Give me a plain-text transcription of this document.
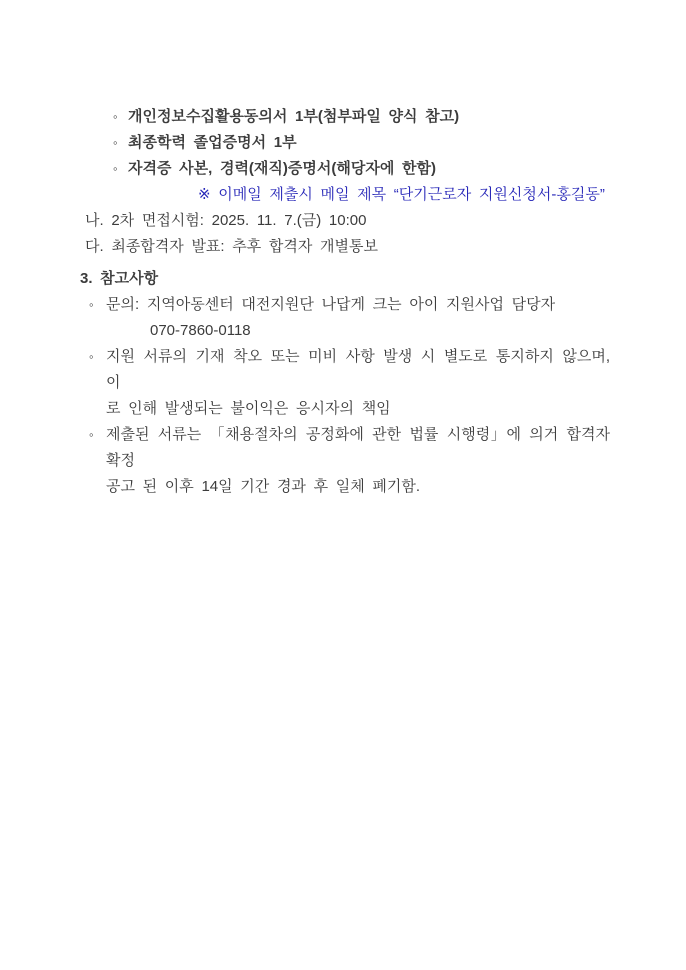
◦ 개인정보수집활용동의서 1부(첨부파일 양식 참고)
◦ 최종학력 졸업증명서 1부
◦ 자격증 사본, 경력(재직)증명서(해당자에 한함)
※ 이메일 제출시 메일 제목 “단기근로자 지원신청서-홍길동”
나. 2차 면접시험: 2025. 11. 7.(금) 10:00
다. 최종합격자 발표: 추후 합격자 개별통보
3. 참고사항
◦ 문의: 지역아동센터 대전지원단 나답게 크는 아이 지원사업 담당자
070-7860-0118
◦ 지원 서류의 기재 착오 또는 미비 사항 발생 시 별도로 통지하지 않으며, 이
로 인해 발생되는 불이익은 응시자의 책임
◦ 제출된 서류는 「채용절차의 공정화에 관한 법률 시행령」에 의거 합격자 확정
공고 된 이후 14일 기간 경과 후 일체 폐기함.
